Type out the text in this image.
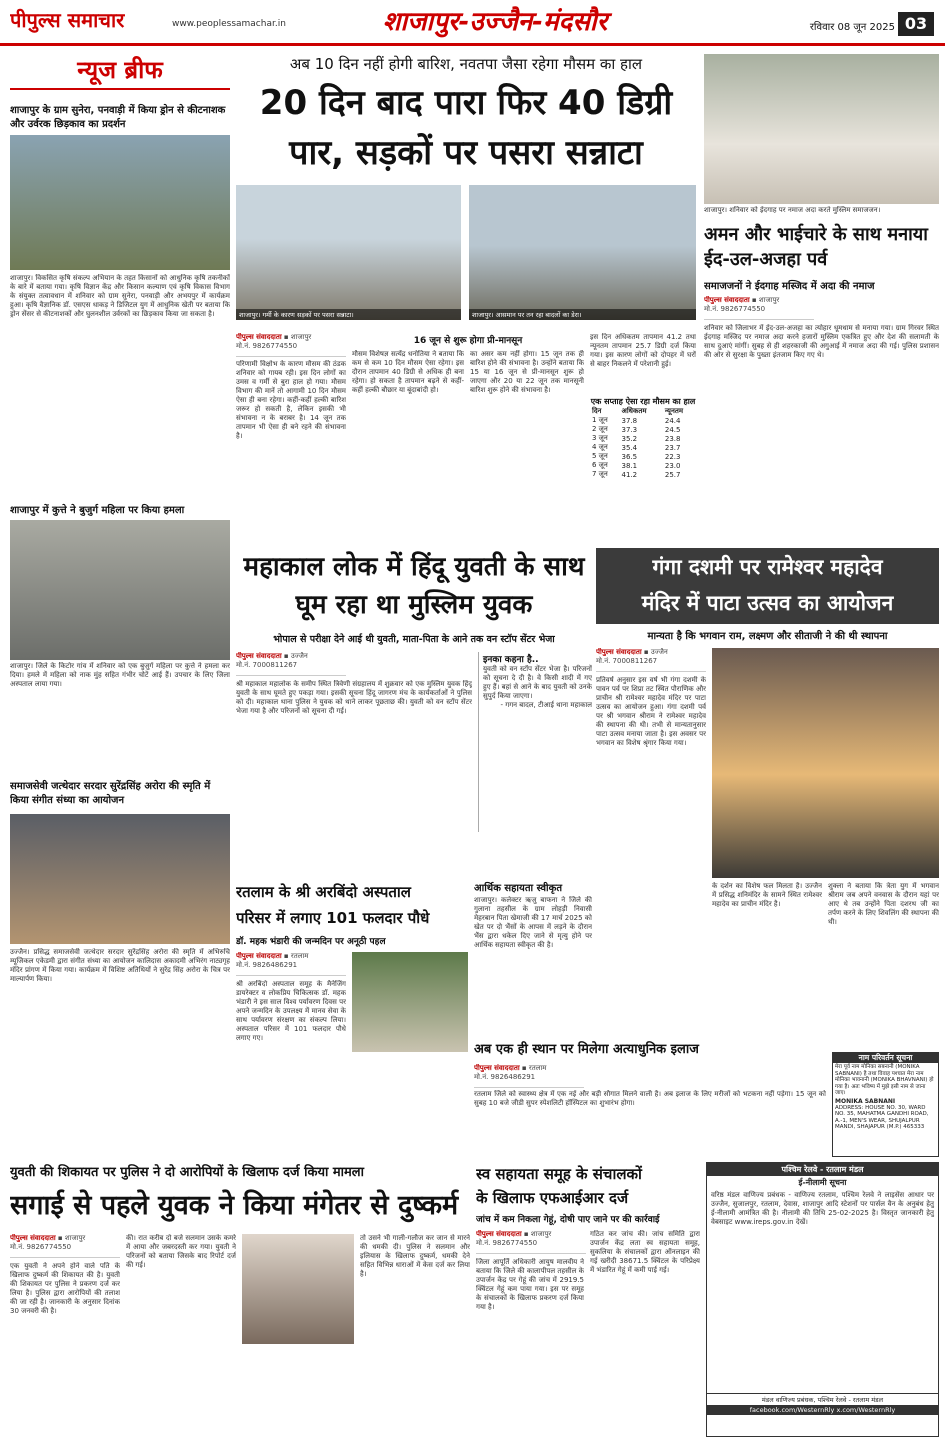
पीपुल्स समाचार	www.peoplessamachar.in	शाजापुर-उज्जैन-मंदसौर	रविवार 08 जून 2025 03
न्यूज ब्रीफ
शाजापुर के ग्राम सुनेरा, पनवाड़ी में किया ड्रोन से कीटनाशक और उर्वरक छिड़काव का प्रदर्शन
शाजापुर। विकसित कृषि संकल्प अभियान के तहत किसानों को आधुनिक कृषि तकनीकों के बारे में बताया गया। कृषि विज्ञान केंद्र और किसान कल्याण एवं कृषि विकास विभाग के संयुक्त तत्वावधान में शनिवार को ग्राम सुनेरा, पनवाड़ी और अभयपुर में कार्यक्रम हुआ। कृषि वैज्ञानिक डॉ. एसएस धाकड़ ने डिजिटल युग में आधुनिक खेती पर बताया कि ड्रोन सेंसर से कीटनाशकों और घुलनशील उर्वरकों का छिड़काव किया जा सकता है।
शाजापुर में कुत्ते ने बुजुर्ग महिला पर किया हमला
शाजापुर। जिले के किटोर गांव में शनिवार को एक बुजुर्ग महिला पर कुत्ते ने हमला कर दिया। हमले में महिला को नाक मुंह सहित गंभीर चोटें आई हैं। उपचार के लिए जिला अस्पताल लाया गया।
समाजसेवी जत्थेदार सरदार सुरेंद्रसिंह अरोरा की स्मृति में किया संगीत संध्या का आयोजन
उज्जैन। प्रसिद्ध समाजसेवी जत्थेदार सरदार सुरेंद्रसिंह अरोरा की स्मृति में अभिरुचि म्यूजिकल एकेडमी द्वारा संगीत संध्या का आयोजन कालिदास अकादमी अभिरंग नाट्यगृह मंदिर प्रांगण में किया गया। कार्यक्रम में विशिष्ट अतिथियों ने सुरेंद्र सिंह अरोरा के चित्र पर माल्यार्पण किया।
अब 10 दिन नहीं होगी बारिश, नवतपा जैसा रहेगा मौसम का हाल
20 दिन बाद पारा फिर 40 डिग्री
पार, सड़कों पर पसरा सन्नाटा
शाजापुर। गर्मी के कारण सड़कों पर पसरा सन्नाटा।	शाजापुर। आसमान पर तन रहा बादलों का डेरा।
पीपुल्स संवाददाता ▪ शाजापुर
मो.नं. 9826774550
परिणामी विक्षोभ के कारण मौसम की ठंडक शनिवार को गायब रही। इस दिन लोगों का उमस व गर्मी से बुरा हाल हो गया। मौसम विभाग की मानें तो आगामी 10 दिन मौसम ऐसा ही बना रहेगा। कहीं-कहीं हल्की बारिश जरूर हो सकती है, लेकिन इसकी भी संभावना न के बराबर है। 14 जून तक तापमान भी ऐसा ही बने रहने की संभावना है।
16 जून से शुरू होगा प्री-मानसून
मौसम विशेषज्ञ सत्येंद्र धनोतिया ने बताया कि कम से कम 10 दिन मौसम ऐसा रहेगा। इस दौरान तापमान 40 डिग्री से अधिक ही बना रहेगा। हो सकता है तापमान बढ़ने से कहीं-कहीं हल्की बौछार या बूंदाबांदी हो।
का असर कम नहीं होगा। 15 जून तक ही बारिश होने की संभावना है। उन्होंने बताया कि 15 या 16 जून से प्री-मानसून शुरू हो जाएगा और 20 या 22 जून तक मानसूनी बारिश शुरू होने की संभावना है।
इस दिन अधिकतम तापमान 41.2 तथा न्यूनतम तापमान 25.7 डिग्री दर्ज किया गया। इस कारण लोगों को दोपहर में घरों से बाहर निकलने में परेशानी हुई।
एक सप्ताह ऐसा रहा मौसम का हाल
दिन	अधिकतम	न्यूनतम
1 जून	37.8	24.4
2 जून	37.3	24.5
3 जून	35.2	23.8
4 जून	35.4	23.7
5 जून	36.5	22.3
6 जून	38.1	23.0
7 जून	41.2	25.7
शाजापुर। शनिवार को ईदगाह पर नमाज अदा करते मुस्लिम समाजजन।
अमन और भाईचारे के साथ मनाया ईद-उल-अजहा पर्व
समाजजनों ने ईदगाह मस्जिद में अदा की नमाज
पीपुल्स संवाददाता ▪ शाजापुर
मो.नं. 9826774550
शनिवार को जिलाभर में ईद-उल-अजहा का त्योहार धूमधाम से मनाया गया। ग्राम गिरवर स्थित ईदगाह मस्जिद पर नमाज अदा करने हजारों मुस्लिम एकत्रित हुए और देश की सलामती के साथ दुआएं मांगीं। सुबह से ही शहरकाजी की अगुआई में नमाज अदा की गई। पुलिस प्रशासन की ओर से सुरक्षा के पुख्ता इंतजाम किए गए थे।
महाकाल लोक में हिंदू युवती के साथ घूम रहा था मुस्लिम युवक
भोपाल से परीक्षा देने आई थी युवती, माता-पिता के आने तक वन स्टॉप सेंटर भेजा
पीपुल्स संवाददाता ▪ उज्जैन
मो.नं. 7000811267
श्री महाकाल महालोक के समीप स्थित त्रिवेणी संग्रहालय में शुक्रवार को एक मुस्लिम युवक हिंदू युवती के साथ घूमते हुए पकड़ा गया। इसकी सूचना हिंदू जागरण मंच के कार्यकर्ताओं ने पुलिस को दी। महाकाल थाना पुलिस ने युवक को थाने लाकर पूछताछ की। युवती को वन स्टॉप सेंटर भेजा गया है और परिजनों को सूचना दी गई।
इनका कहना है..
युवती को वन स्टॉप सेंटर भेजा है। परिजनों को सूचना दे दी है। वे किसी शादी में गए हुए हैं। बहां से आने के बाद युवती को उनके सुपुर्द किया जाएगा।
- गगन बादल, टीआई थाना महाकाल
गंगा दशमी पर रामेश्वर महादेव
मंदिर में पाटा उत्सव का आयोजन
मान्यता है कि भगवान राम, लक्ष्मण और सीताजी ने की थी स्थापना
पीपुल्स संवाददाता ▪ उज्जैन
मो.नं. 7000811267
प्रतिवर्ष अनुसार इस वर्ष भी गंगा दशमी के पावन पर्व पर शिप्रा तट स्थित पौराणिक और प्राचीन श्री रामेश्वर महादेव मंदिर पर पाटा उत्सव का आयोजन हुआ। गंगा दशमी पर्व पर श्री भगवान श्रीराम ने रामेश्वर महादेव की स्थापना की थी। तभी से मान्यतानुसार पाटा उत्सव मनाया जाता है। इस अवसर पर भगवान का विशेष श्रृंगार किया गया।
के दर्शन का विशेष फल मिलता है। उज्जैन में प्रसिद्ध शनिमंदिर के सामने स्थित रामेश्वर महादेव का प्राचीन मंदिर है।
शुक्ला ने बताया कि त्रेता युग में भगवान श्रीराम जब अपने वनवास के दौरान यहां पर आए थे तब उन्होंने पिता दशरथ जी का तर्पण करने के लिए शिवलिंग की स्थापना की थी।
रतलाम के श्री अरबिंदो अस्पताल
परिसर में लगाए 101 फलदार पौधे
डॉ. महक भंडारी की जन्मदिन पर अनूठी पहल
पीपुल्स संवाददाता ▪ रतलाम
मो.नं. 9826486291
श्री अरबिंदो अस्पताल समूह के मैनेजिंग डायरेक्टर व लोकप्रिय चिकित्सक डॉ. महक भंडारी ने इस साल विश्व पर्यावरण दिवस पर अपने जन्मदिन के उपलक्ष्य में मानव सेवा के साथ पर्यावरण संरक्षण का संकल्प लिया। अस्पताल परिसर में 101 फलदार पौधे लगाए गए।
आर्थिक सहायता स्वीकृत
शाजापुर। कलेक्टर ऋजु बाफना ने जिले की गुलाना तहसील के ग्राम लोहड़ी निवासी मेहरबान पिता खेमाजी की 17 मार्च 2025 को खेत पर दो भैंसों के आपस में लड़ने के दौरान भैंस द्वारा धकेल दिए जाने से मृत्यु होने पर आर्थिक सहायता स्वीकृत की है।
अब एक ही स्थान पर मिलेगा अत्याधुनिक इलाज
पीपुल्स संवाददाता ▪ रतलाम
मो.नं. 9826486291
रतलाम जिले को स्वास्थ्य क्षेत्र में एक नई और बड़ी सौगात मिलने वाली है। अब इलाज के लिए मरीजों को भटकना नहीं पड़ेगा। 15 जून को सुबह 10 बजे जीडी सुपर स्पेशलिटी हॉस्पिटल का शुभारंभ होगा।
नाम परिवर्तन सूचना
मेरा पूर्व नाम मोनिका सबनानी (MONIKA SABNANI) है तथा विवाह पश्चात मेरा नाम मोनिका भावनानी (MONIKA BHAVNANI) हो गया है। अतः भविष्य में मुझे इसी नाम से जाना जाए।
MONIKA SABNANI
ADDRESS: HOUSE NO. 30, WARD NO. 35, MAHATMA GANDHI ROAD, A.-1, MEN'S WEAR, SHUJALPUR MANDI, SHAJAPUR (M.P.) 465333
युवती की शिकायत पर पुलिस ने दो आरोपियों के खिलाफ दर्ज किया मामला
सगाई से पहले युवक ने किया मंगेतर से दुष्कर्म
पीपुल्स संवाददाता ▪ शाजापुर
मो.नं. 9826774550
एक युवती ने अपने होने वाले पति के खिलाफ दुष्कर्म की शिकायत की है। युवती की शिकायत पर पुलिस ने प्रकरण दर्ज कर लिया है। पुलिस द्वारा आरोपियों की तलाश की जा रही है। जानकारी के अनुसार दिनांक 30 जनवरी की है।
की। रात करीब दो बजे सलमान उसके कमरे में आया और जबरदस्ती कर गया। युवती ने परिजनों को बताया जिसके बाद रिपोर्ट दर्ज की गई।
तो उसने भी गाली-गलौज कर जान से मारने की धमकी दी। पुलिस ने सलमान और इलियास के खिलाफ दुष्कर्म, धमकी देने सहित विभिन्न धाराओं में केस दर्ज कर लिया है।
स्व सहायता समूह के संचालकों
के खिलाफ एफआईआर दर्ज
जांच में कम निकला गेहूं, दोषी पाए जाने पर की कार्रवाई
पीपुल्स संवाददाता ▪ शाजापुर
मो.नं. 9826774550
जिला आपूर्ति अधिकारी आयुष मालवीय ने बताया कि जिले की कालापीपल तहसील के उपार्जन केंद्र पर गेहूं की जांच में 2919.5 क्विंटल गेहूं कम पाया गया। इस पर समूह के संचालकों के खिलाफ प्रकरण दर्ज किया गया है।
गठित कर जांच की। जांच समिति द्वारा उपार्जन केंद्र लता स्व सहायता समूह, सुकलिया के संचालकों द्वारा ऑनलाइन की गई खरीदी 38671.5 क्विंटल के परिप्रेक्ष्य में भंडारित गेहूं में कमी पाई गई।
पश्चिम रेलवे - रतलाम मंडल
ई-नीलामी सूचना
वरिष्ठ मंडल वाणिज्य प्रबंधक - वाणिज्य रतलाम, पश्चिम रेलवे ने लाइसेंस आधार पर उज्जैन, सुजालपुर, रतलाम, देवास, शाजापुर आदि स्टेशनों पर पार्सल वैन के अनुबंध हेतु ई-नीलामी आमंत्रित की है। नीलामी की तिथि 25-02-2025 है। विस्तृत जानकारी हेतु वेबसाइट www.ireps.gov.in देखें।
मंडल वाणिज्य प्रबंधक, पश्चिम रेलवे - रतलाम मंडल
facebook.com/WesternRly x.com/WesternRly
